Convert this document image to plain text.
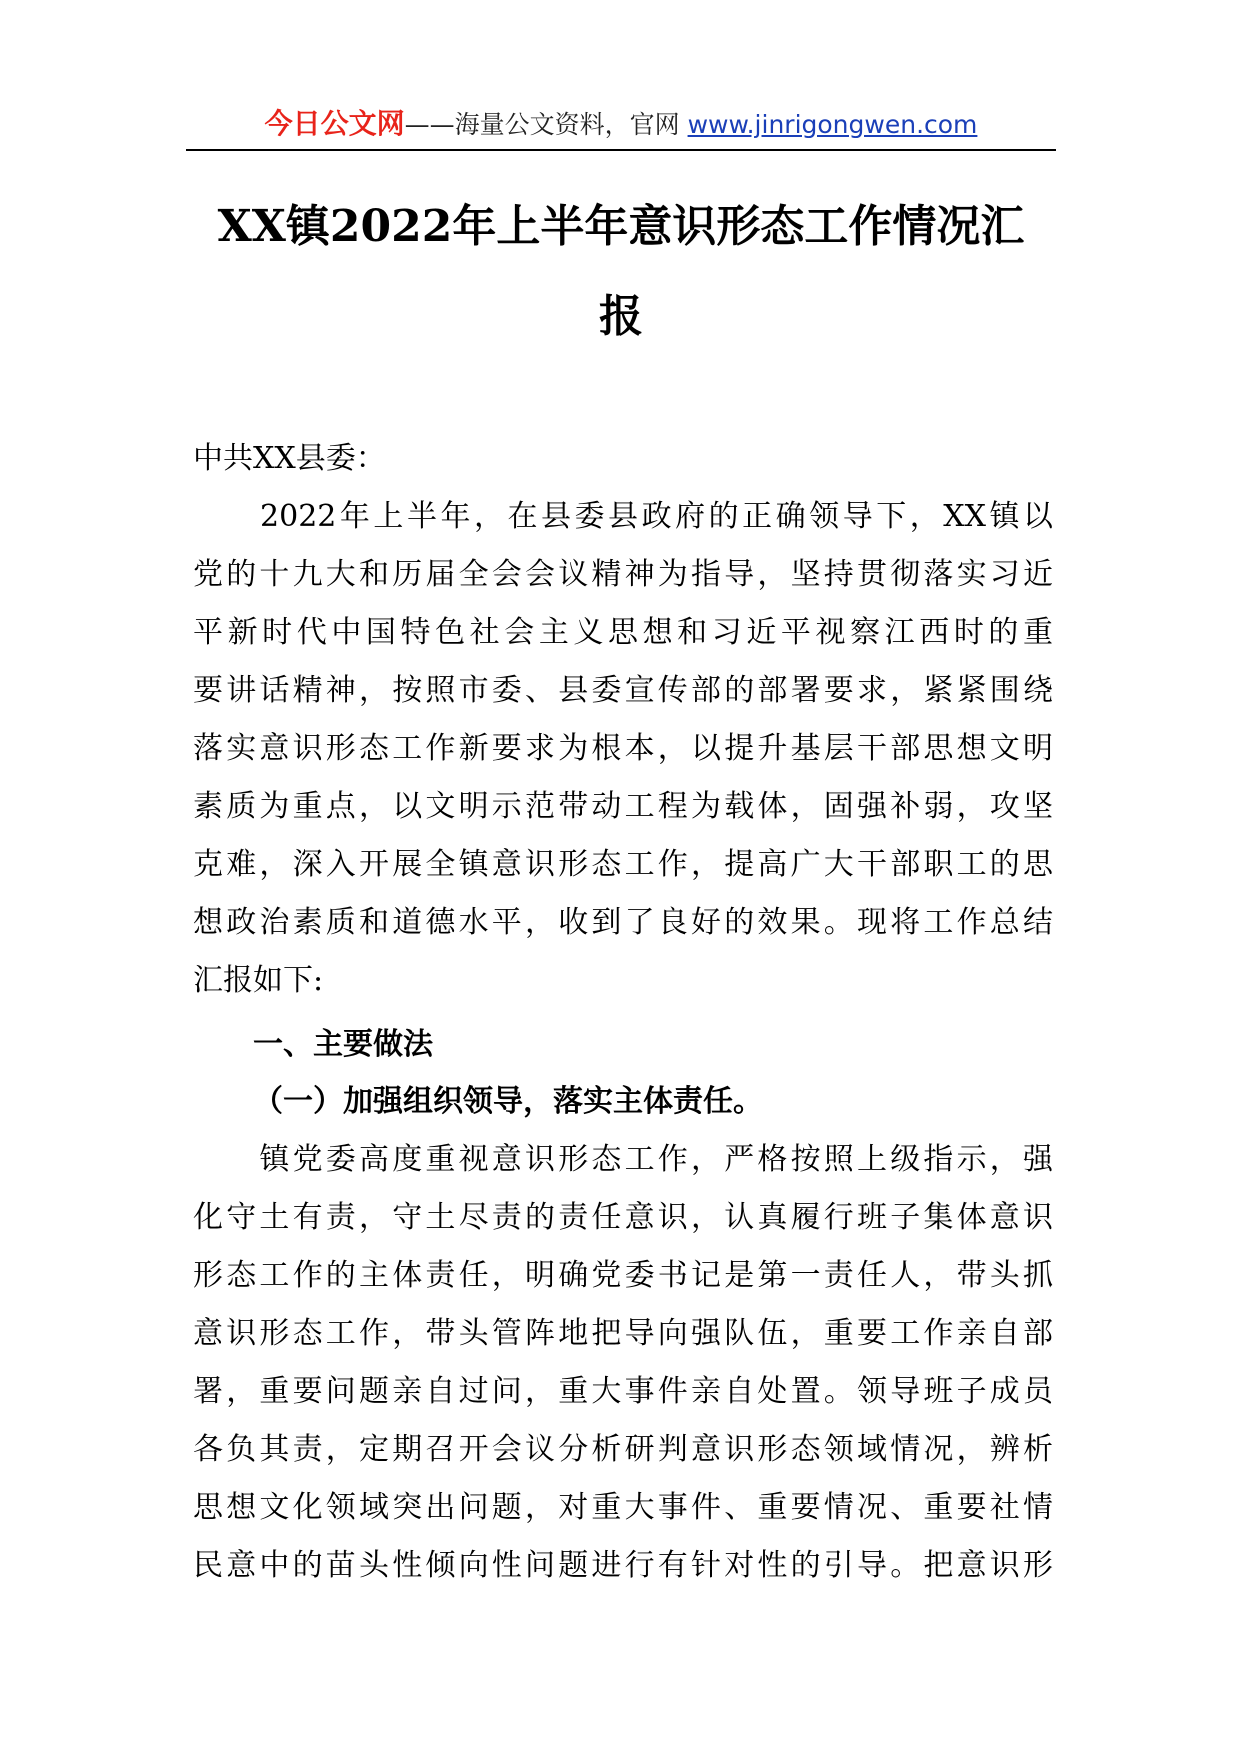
今日公文网——海量公文资料，官网 www.jinrigongwen.com
XX镇2022年上半年意识形态工作情况汇
报

中共XX县委：

　　2022年上半年，在县委县政府的正确领导下，XX镇以
党的十九大和历届全会会议精神为指导，坚持贯彻落实习近
平新时代中国特色社会主义思想和习近平视察江西时的重
要讲话精神，按照市委、县委宣传部的部署要求，紧紧围绕
落实意识形态工作新要求为根本，以提升基层干部思想文明
素质为重点，以文明示范带动工程为载体，固强补弱，攻坚
克难，深入开展全镇意识形态工作，提高广大干部职工的思
想政治素质和道德水平，收到了良好的效果。现将工作总结
汇报如下:
一、主要做法
（一）加强组织领导，落实主体责任。
　　镇党委高度重视意识形态工作，严格按照上级指示，强
化守土有责，守土尽责的责任意识，认真履行班子集体意识
形态工作的主体责任，明确党委书记是第一责任人，带头抓
意识形态工作，带头管阵地把导向强队伍，重要工作亲自部
署，重要问题亲自过问，重大事件亲自处置。领导班子成员
各负其责，定期召开会议分析研判意识形态领域情况，辨析
思想文化领域突出问题，对重大事件、重要情况、重要社情
民意中的苗头性倾向性问题进行有针对性的引导。把意识形
